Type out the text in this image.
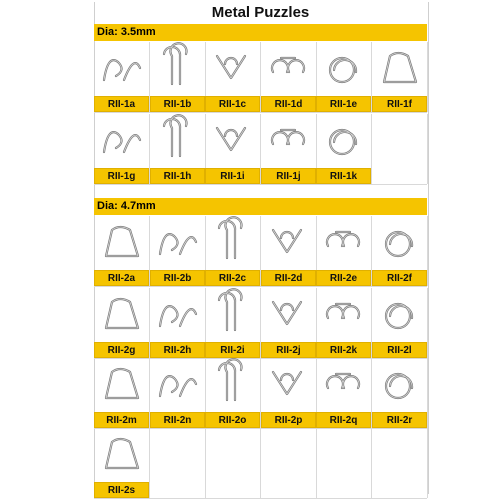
Metal Puzzles
Dia: 3.5mm
RII-1a	RII-1b	RII-1c	RII-1d	RII-1e	RII-1f
RII-1g	RII-1h	RII-1i	RII-1j	RII-1k
Dia: 4.7mm
RII-2a	RII-2b	RII-2c	RII-2d	RII-2e	RII-2f
RII-2g	RII-2h	RII-2i	RII-2j	RII-2k	RII-2l
RII-2m	RII-2n	RII-2o	RII-2p	RII-2q	RII-2r
RII-2s
